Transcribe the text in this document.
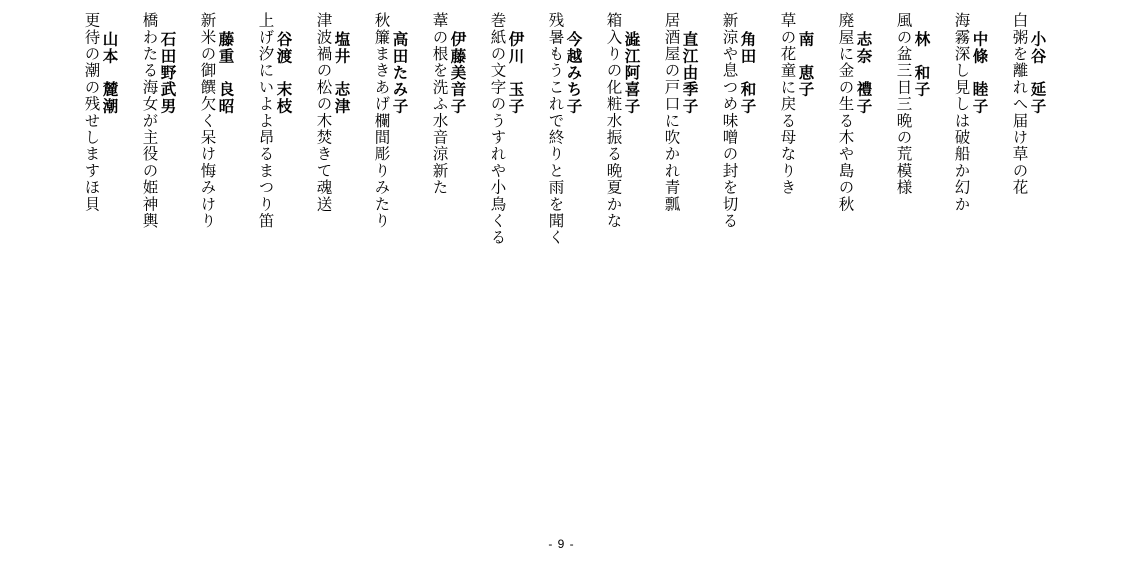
小谷　延子
白粥を離れへ届け草の花
中條　睦子
海霧深し見しは破船か幻か
林　和子
風の盆三日三晩の荒模様
志奈　禮子
廃屋に金の生る木や島の秋
南　恵子
草の花童に戻る母なりき
角田　和子
新涼や息つめ味噌の封を切る
直江由季子
居酒屋の戸口に吹かれ青瓢
澁江阿喜子
箱入りの化粧水振る晩夏かな
今越みち子
残暑もうこれで終りと雨を聞く
伊川　玉子
巻紙の文字のうすれや小鳥くる
伊藤美音子
葦の根を洗ふ水音涼新た
高田たみ子
秋簾まきあげ欄間彫りみたり
塩井　志津
津波禍の松の木焚きて魂送
谷渡　末枝
上げ汐にいよよ昂るまつり笛
藤重　良昭
新米の御饌欠く呆け悔みけり
石田野武男
橋わたる海女が主役の姫神輿
山本　麓潮
更待の潮の残せしますほ貝
- 9 -
